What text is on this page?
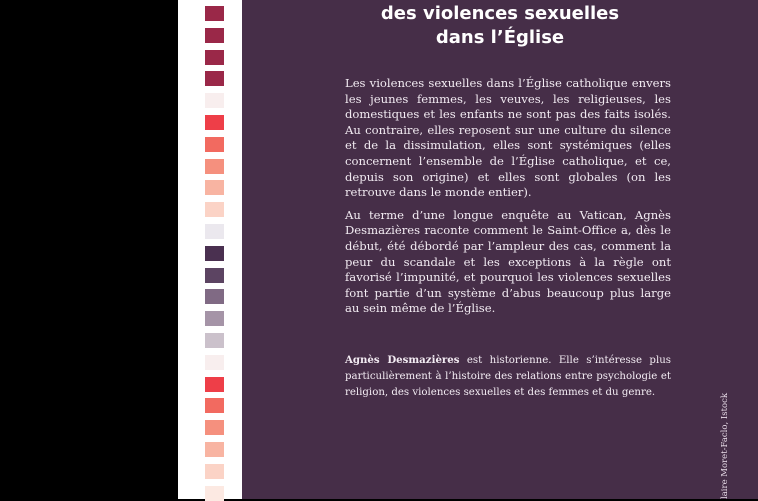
des violences sexuelles
dans l’Église

Les violences sexuelles dans l’Église catholique envers les jeunes femmes, les veuves, les religieuses, les domestiques et les enfants ne sont pas des faits isolés. Au contraire, elles reposent sur une culture du silence et de la dissimulation, elles sont systémiques (elles concernent l’ensemble de l’Église catholique, et ce, depuis son origine) et elles sont globales (on les retrouve dans le monde entier).

Au terme d’une longue enquête au Vatican, Agnès Desmazières raconte comment le Saint-Office a, dès le début, été débordé par l’ampleur des cas, comment la peur du scandale et les exceptions à la règle ont favorisé l’impunité, et pourquoi les violences sexuelles font partie d’un système d’abus beaucoup plus large au sein même de l’Église.

Agnès Desmazières est historienne. Elle s’intéresse plus particulièrement à l’histoire des relations entre psychologie et religion, des violences sexuelles et des femmes et du genre.
laire Moret-Faclo, Istock
